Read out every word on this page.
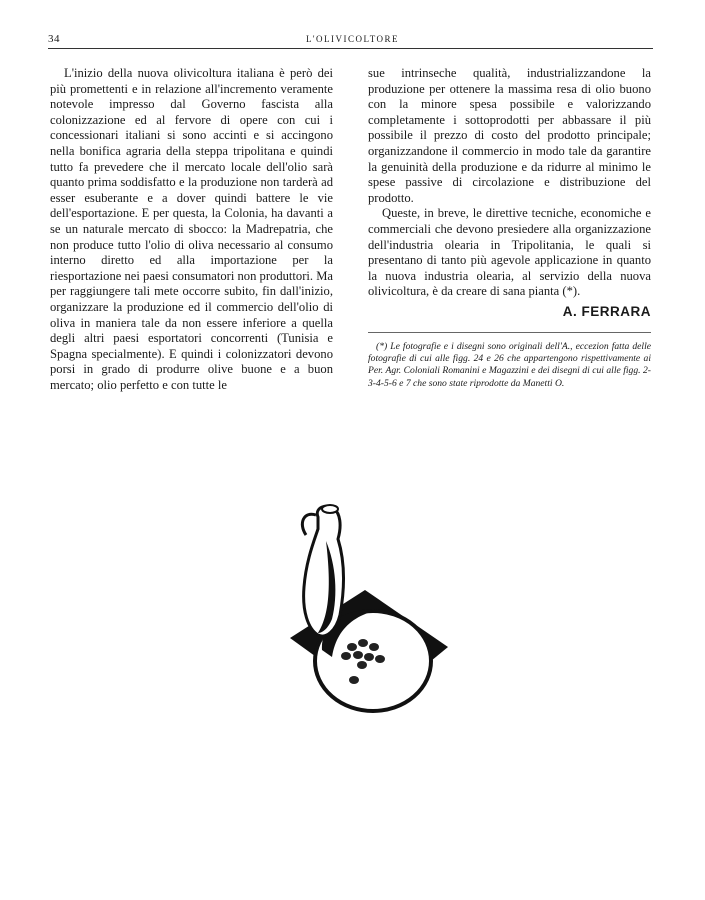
34	L'OLIVICOLTORE

L'inizio della nuova olivicoltura italiana è però dei più promettenti e in relazione all'incremento veramente notevole impresso dal Governo fascista alla colonizzazione ed al fervore di opere con cui i concessionari italiani si sono accinti e si accingono nella bonifica agraria della steppa tripolitana e quindi tutto fa prevedere che il mercato locale dell'olio sarà quanto prima soddisfatto e la produzione non tarderà ad esser esuberante e a dover quindi battere le vie dell'esportazione. E per questa, la Colonia, ha davanti a se un naturale mercato di sbocco: la Madrepatria, che non produce tutto l'olio di oliva necessario al consumo interno diretto ed alla importazione per la riesportazione nei paesi consumatori non produttori. Ma per raggiungere tali mete occorre subito, fin dall'inizio, organizzare la produzione ed il commercio dell'olio di oliva in maniera tale da non essere inferiore a quella degli altri paesi esportatori concorrenti (Tunisia e Spagna specialmente). E quindi i colonizzatori devono porsi in grado di produrre olive buone e a buon mercato; olio perfetto e con tutte le

sue intrinseche qualità, industrializzandone la produzione per ottenere la massima resa di olio buono con la minore spesa possibile e valorizzando completamente i sottoprodotti per abbassare il più possibile il prezzo di costo del prodotto principale; organizzandone il commercio in modo tale da garantire la genuinità della produzione e da ridurre al minimo le spese passive di circolazione e distribuzione del prodotto.

Queste, in breve, le direttive tecniche, economiche e commerciali che devono presiedere alla organizzazione dell'industria olearia in Tripolitania, le quali si presentano di tanto più agevole applicazione in quanto la nuova industria olearia, al servizio della nuova olivicoltura, è da creare di sana pianta (*).

A. FERRARA

(*) Le fotografie e i disegni sono originali dell'A., eccezion fatta delle fotografie di cui alle figg. 24 e 26 che appartengono rispettivamente ai Per. Agr. Coloniali Romanini e Magazzini e dei disegni di cui alle figg. 2-3-4-5-6 e 7 che sono state riprodotte da Manetti O.
